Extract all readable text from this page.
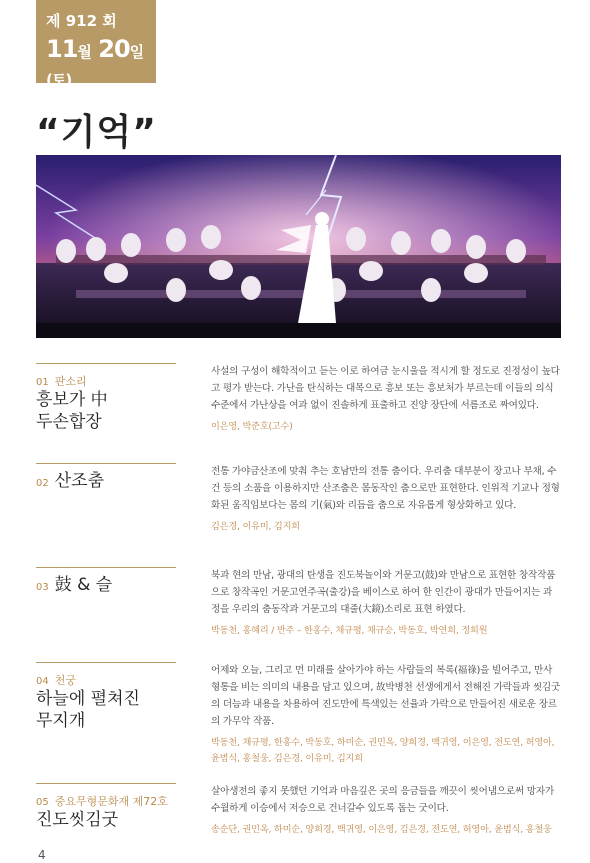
제 912 회
11월 20일(토)
“기억”
01 판소리
흥보가 中
두손합장

사설의 구성이 해학적이고 듣는 이로 하여금 눈시울을 적시게 할 정도로 진정성이 높다고 평가 받는다. 가난을 탄식하는 대목으로 흥보 또는 흥보처가 부르는데 이들의 의식 수준에서 가난상을 여과 없이 진솔하게 표출하고 진양 장단에 서름조로 짜여있다.

이은영, 박준호(고수)
02 산조춤	전통 가야금산조에 맞춰 추는 호남만의 전통 춤이다. 우리춤 대부분이 장고나 부채, 수건 등의 소품을 이용하지만 산조춤은 몸동작인 춤으로만 표현한다. 인위적 기교나 정형화된 움직임보다는 몸의 기(氣)와 리듬을 춤으로 자유롭게 형상화하고 있다.

김은경, 이유미, 김지희
03 鼓 & 슬	북과 현의 만남, 광대의 탄생을 진도북놀이와 거문고(鼓)와 만남으로 표현한 창작작품으로 창작곡인 거문고연주곡(출강)을 베이스로 하여 한 인간이 광대가 만들어지는 과정을 우리의 춤동작과 거문고의 대줄(大鏡)소리로 표현 하였다.

박동천, 홍혜리 / 반주 – 한홍수, 채규평, 채규승, 박동호, 박연희, 정희원
04 천궁
하늘에 펼쳐진
무지개

어제와 오늘, 그리고 먼 미래를 살아가야 하는 사람들의 복록(福祿)을 빌어주고, 만사형통을 비는 의미의 내용을 담고 있으며, 故박병천 선생에게서 전해진 가락들과 씻김굿의 더늠과 내용을 차용하여 진도만에 특색있는 선율과 가락으로 만들어진 새로운 장르의 가무악 작품.

박동천, 채규평, 한홍수, 박동호, 하미순, 권민옥, 양희경, 백귀영, 이은영, 전도연, 허영아, 윤범식, 홍철웅, 김은경, 이유미, 김지희
05 중요무형문화재 제72호
진도씻김굿

살아생전의 좋지 못했던 기억과 마음깊은 곳의 응금들을 깨끗이 씻어냄으로써 망자가 수월하게 이승에서 저승으로 건너갈수 있도록 돕는 굿이다.

송순단, 권민옥, 하미순, 양희경, 백귀영, 이은영, 김은경, 전도연, 허영아, 윤범식, 홍철웅
4
